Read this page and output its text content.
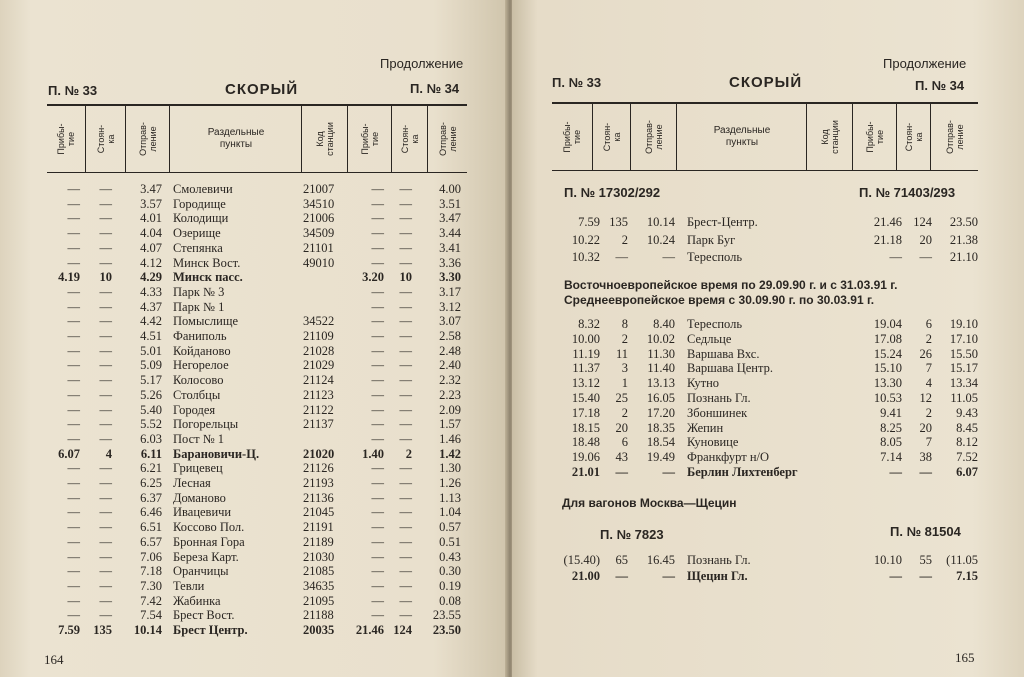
Продолжение
П. № 33	СКОРЫЙ	П. № 34
Прибы-
тие Стоян-
ка Отправ-
ление	Раздельные
пункты	Код
станции	Прибы-
тие Стоян-
ка Отправ-
ление
— — 3.47 Смолевичи	21007	— — 4.00
— — 3.57 Городище	34510	— — 3.51
— — 4.01 Колодищи	21006	— — 3.47
— — 4.04 Озерище	34509	— — 3.44
— — 4.07 Степянка	21101	— — 3.41
— — 4.12 Минск Вост.	49010	— — 3.36
4.19 10 4.29 Минск пасс.	3.20 10 3.30
— — 4.33 Парк № 3	— — 3.17
— — 4.37 Парк № 1	— — 3.12
— — 4.42 Помыслище	34522	— — 3.07
— — 4.51 Фаниполь	21109	— — 2.58
— — 5.01 Койданово	21028	— — 2.48
— — 5.09 Негорелое	21029	— — 2.40
— — 5.17 Колосово	21124	— — 2.32
— — 5.26 Столбцы	21123	— — 2.23
— — 5.40 Городея	21122	— — 2.09
— — 5.52 Погорельцы	21137	— — 1.57
— — 6.03 Пост № 1	— — 1.46
6.07 4 6.11 Барановичи-Ц.	21020 1.40 2 1.42
— — 6.21 Грицевец	21126	— — 1.30
— — 6.25 Лесная	21193	— — 1.26
— — 6.37 Доманово	21136	— — 1.13
— — 6.46 Ивацевичи	21045	— — 1.04
— — 6.51 Коссово Пол.	21191	— — 0.57
— — 6.57 Бронная Гора	21189	— — 0.51
— — 7.06 Береза Карт.	21030	— — 0.43
— — 7.18 Оранчицы	21085	— — 0.30
— — 7.30 Тевли	34635	— — 0.19
— — 7.42 Жабинка	21095	— — 0.08
— — 7.54 Брест Вост.	21188	— — 23.55
7.59 135 10.14 Брест Центр.	20035 21.46 124 23.50
164
Продолжение
П. № 33	СКОРЫЙ	П. № 34
Прибы-
тие Стоян-
ка Отправ-
ление	Раздельные
пункты	Код
станции	Прибы-
тие Стоян-
ка Отправ-
ление
П. № 17302/292	П. № 71403/293
7.59 135 10.14 Брест-Центр.	21.46 124 23.50
10.22 2 10.24 Парк Буг	21.18 20 21.38
10.32 —	— Тересполь	— — 21.10
Восточноевропейское время по 29.09.90 г. и с 31.03.91 г.
Среднеевропейское время с 30.09.90 г. по 30.03.91 г.
8.32 8 8.40 Тересполь	19.04 6 19.10
10.00 2 10.02 Седльце	17.08 2 17.10
11.19 11 11.30 Варшава Вхс.	15.24 26 15.50
11.37 3 11.40 Варшава Центр.	15.10 7 15.17
13.12 1 13.13 Кутно	13.30 4 13.34
15.40 25 16.05 Познань Гл.	10.53 12 11.05
17.18 2 17.20 Збоншинек	9.41 2 9.43
18.15 20 18.35 Жепин	8.25 20 8.45
18.48 6 18.54 Куновице	8.05 7 8.12
19.06 43 19.49 Франкфурт н/О	7.14 38 7.52
21.01 —	— Берлин Лихтенберг	— — 6.07
Для вагонов Москва—Щецин
П. № 7823	П. № 81504
(15.40) 65 16.45 Познань Гл.	10.10 55 (11.05
21.00 —	— Щецин Гл.	— — 7.15
165
